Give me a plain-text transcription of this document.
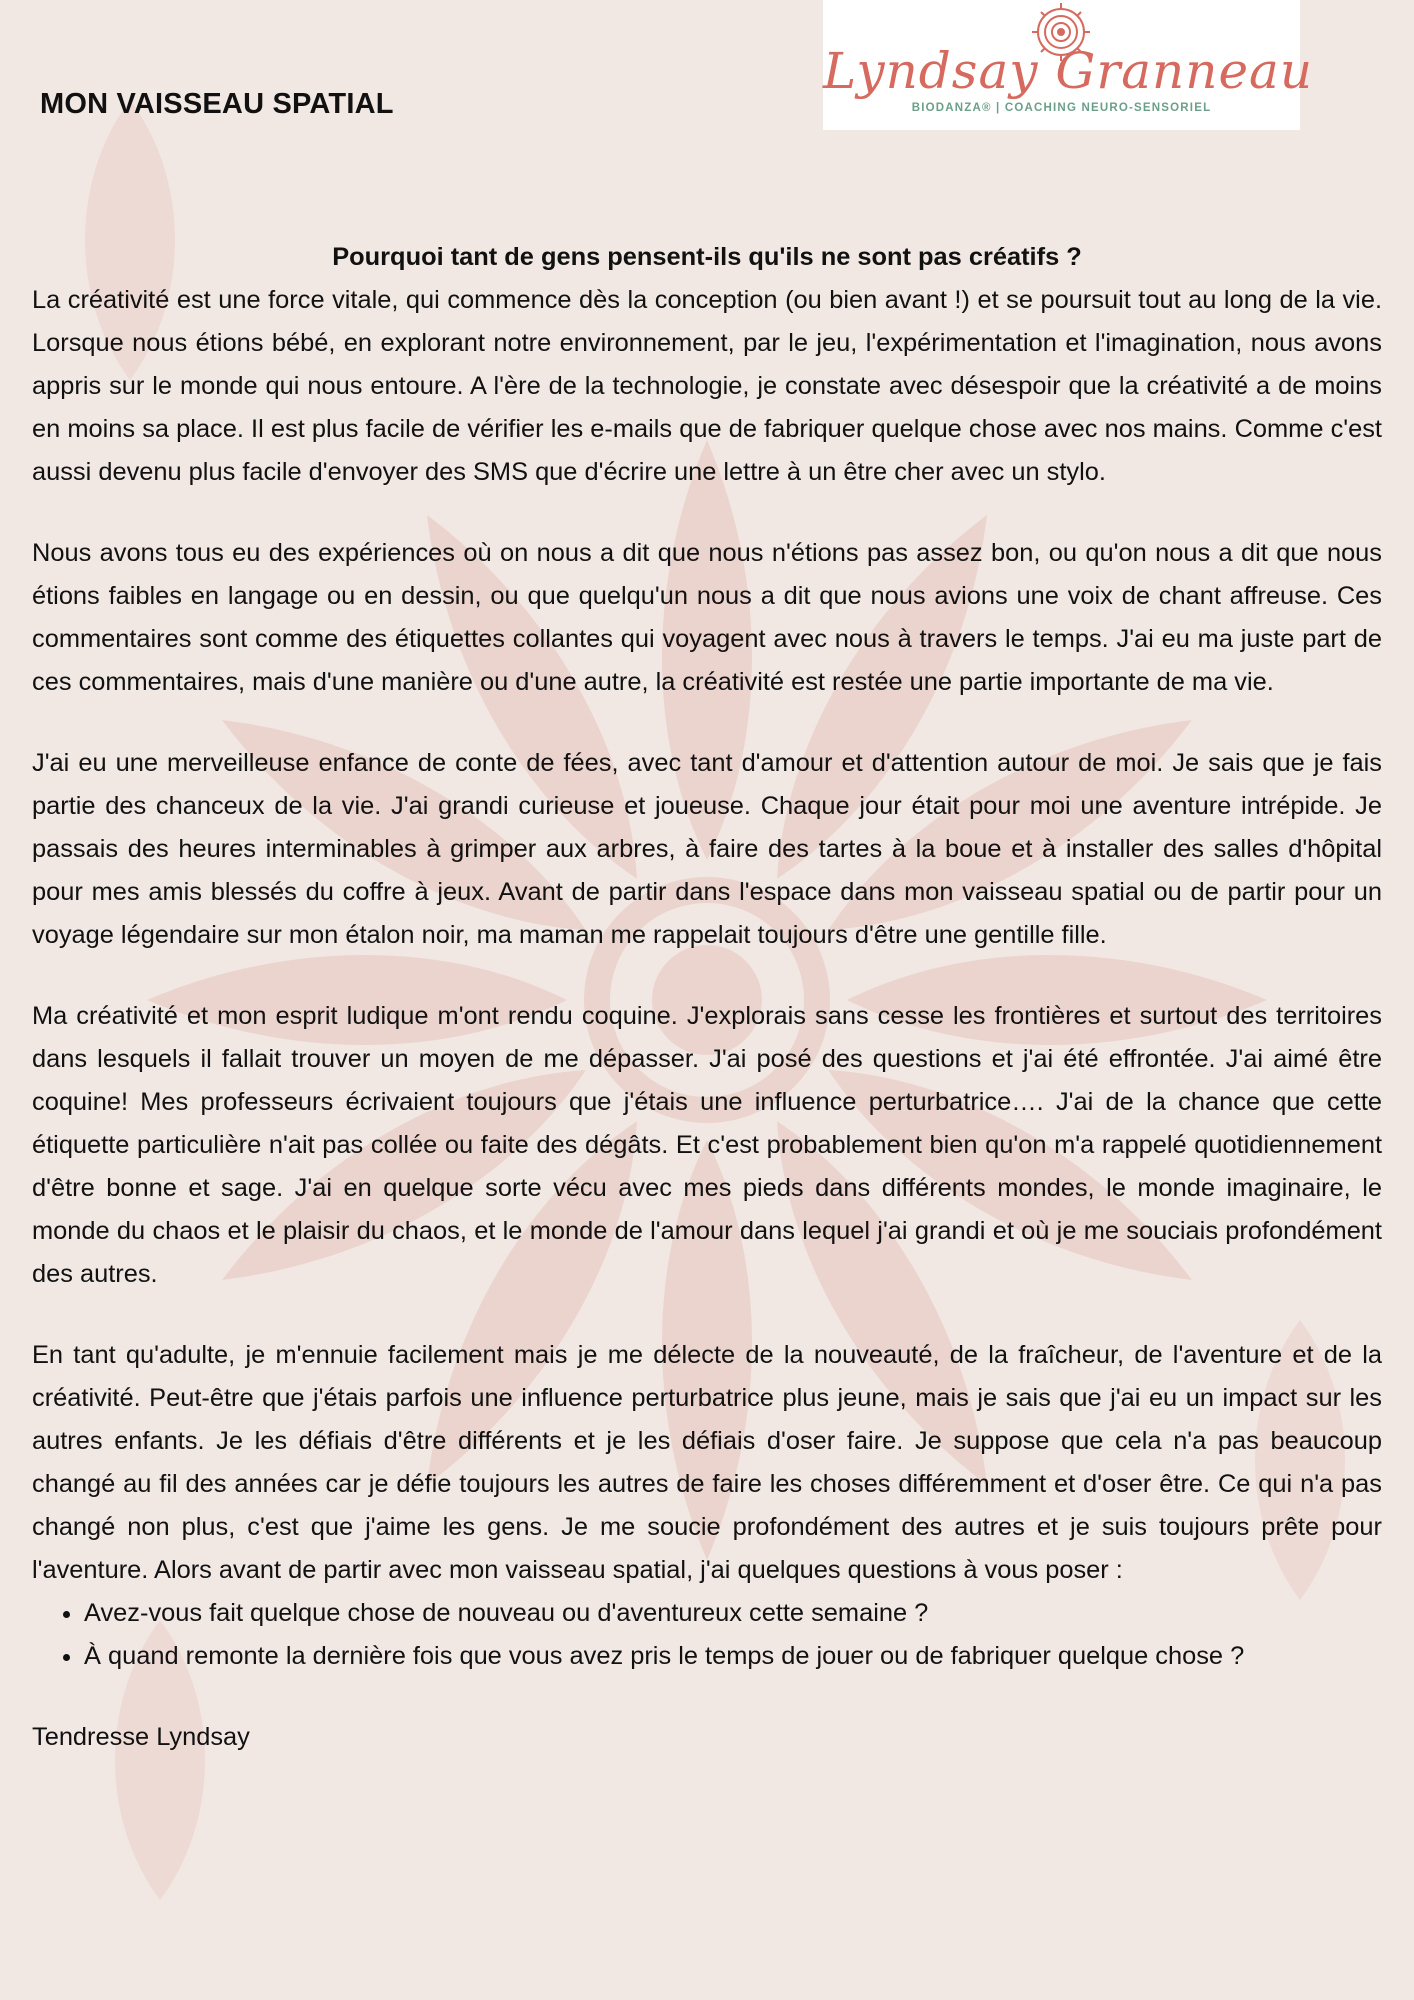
MON VAISSEAU SPATIAL
Lyndsay Granneau
BIODANZA® | COACHING NEURO-SENSORIEL

Pourquoi tant de gens pensent-ils qu'ils ne sont pas créatifs ?

La créativité est une force vitale, qui commence dès la conception (ou bien avant !) et se poursuit tout au long de la vie. Lorsque nous étions bébé, en explorant notre environnement, par le jeu, l'expérimentation et l'imagination, nous avons appris sur le monde qui nous entoure. A l'ère de la technologie, je constate avec désespoir que la créativité a de moins en moins sa place. Il est plus facile de vérifier les e-mails que de fabriquer quelque chose avec nos mains. Comme c'est aussi devenu plus facile d'envoyer des SMS que d'écrire une lettre à un être cher avec un stylo.

Nous avons tous eu des expériences où on nous a dit que nous n'étions pas assez bon, ou qu'on nous a dit que nous étions faibles en langage ou en dessin, ou que quelqu'un nous a dit que nous avions une voix de chant affreuse. Ces commentaires sont comme des étiquettes collantes qui voyagent avec nous à travers le temps. J'ai eu ma juste part de ces commentaires, mais d'une manière ou d'une autre, la créativité est restée une partie importante de ma vie.

J'ai eu une merveilleuse enfance de conte de fées, avec tant d'amour et d'attention autour de moi. Je sais que je fais partie des chanceux de la vie. J'ai grandi curieuse et joueuse. Chaque jour était pour moi une aventure intrépide. Je passais des heures interminables à grimper aux arbres, à faire des tartes à la boue et à installer des salles d'hôpital pour mes amis blessés du coffre à jeux. Avant de partir dans l'espace dans mon vaisseau spatial ou de partir pour un voyage légendaire sur mon étalon noir, ma maman me rappelait toujours d'être une gentille fille.

Ma créativité et mon esprit ludique m'ont rendu coquine. J'explorais sans cesse les frontières et surtout des territoires dans lesquels il fallait trouver un moyen de me dépasser. J'ai posé des questions et j'ai été effrontée. J'ai aimé être coquine! Mes professeurs écrivaient toujours que j'étais une influence perturbatrice…. J'ai de la chance que cette étiquette particulière n'ait pas collée ou faite des dégâts. Et c'est probablement bien qu'on m'a rappelé quotidiennement d'être bonne et sage. J'ai en quelque sorte vécu avec mes pieds dans différents mondes, le monde imaginaire, le monde du chaos et le plaisir du chaos, et le monde de l'amour dans lequel j'ai grandi et où je me souciais profondément des autres.

En tant qu'adulte, je m'ennuie facilement mais je me délecte de la nouveauté, de la fraîcheur, de l'aventure et de la créativité. Peut-être que j'étais parfois une influence perturbatrice plus jeune, mais je sais que j'ai eu un impact sur les autres enfants. Je les défiais d'être différents et je les défiais d'oser faire. Je suppose que cela n'a pas beaucoup changé au fil des années car je défie toujours les autres de faire les choses différemment et d'oser être. Ce qui n'a pas changé non plus, c'est que j'aime les gens. Je me soucie profondément des autres et je suis toujours prête pour l'aventure. Alors avant de partir avec mon vaisseau spatial, j'ai quelques questions à vous poser :

• Avez-vous fait quelque chose de nouveau ou d'aventureux cette semaine ?
• À quand remonte la dernière fois que vous avez pris le temps de jouer ou de fabriquer quelque chose ?

Tendresse Lyndsay
